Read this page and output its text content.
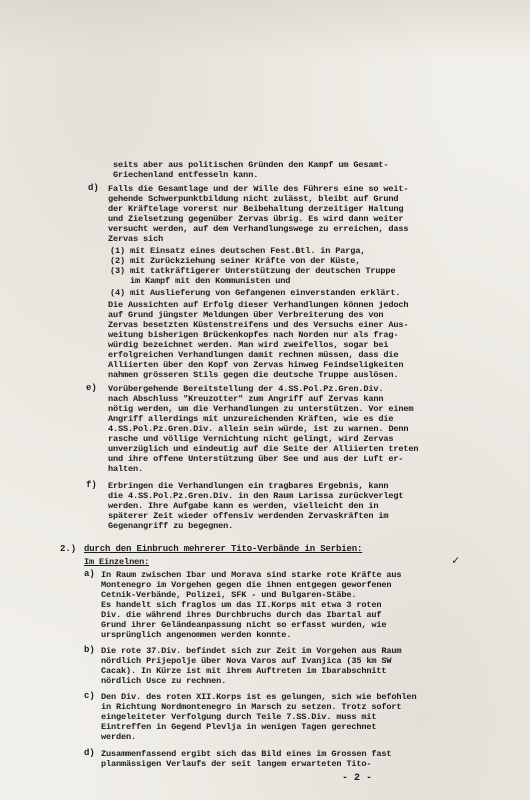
seits aber aus politischen Gründen den Kampf um Gesamt-
Griechenland entfesseln kann.
d) Falls die Gesamtlage und der Wille des Führers eine so weit-
gehende Schwerpunktbildung nicht zulässt, bleibt auf Grund
der Kräftelage vorerst nur Beibehaltung derzeitiger Haltung
und Zielsetzung gegenüber Zervas übrig. Es wird dann weiter
versucht werden, auf dem Verhandlungswege zu erreichen, dass
Zervas sich
(1) mit Einsatz eines deutschen Fest.Btl. in Parga,
(2) mit Zurückziehung seiner Kräfte von der Küste,
(3) mit tatkräftigerer Unterstützung der deutschen Truppe
im Kampf mit den Kommunisten und
(4) mit Auslieferung von Gefangenen einverstanden erklärt.
Die Aussichten auf Erfolg dieser Verhandlungen können jedoch
auf Grund jüngster Meldungen über Verbreiterung des von
Zervas besetzten Küstenstreifens und des Versuchs einer Aus-
weitung bisherigen Brückenkopfes nach Norden nur als frag-
würdig bezeichnet werden. Man wird zweifellos, sogar bei
erfolgreichen Verhandlungen damit rechnen müssen, dass die
Alliierten über den Kopf von Zervas hinweg Feindseligkeiten
nahmen grösseren Stils gegen die deutsche Truppe auslösen.
e) Vorübergehende Bereitstellung der 4.SS.Pol.Pz.Gren.Div.
nach Abschluss "Kreuzotter" zum Angriff auf Zervas kann
nötig werden, um die Verhandlungen zu unterstützen. Vor einem
Angriff allerdings mit unzureichenden Kräften, wie es die
4.SS.Pol.Pz.Gren.Div. allein sein würde, ist zu warnen. Denn
rasche und völlige Vernichtung nicht gelingt, wird Zervas
unverzüglich und eindeutig auf die Seite der Alliierten treten
und ihre offene Unterstützung über See und aus der Luft er-
halten.
f) Erbringen die Verhandlungen ein tragbares Ergebnis, kann
die 4.SS.Pol.Pz.Gren.Div. in den Raum Larissa zurückverlegt
werden. Ihre Aufgabe kann es werden, vielleicht den in
späterer Zeit wieder offensiv werdenden Zervaskräften im
Gegenangriff zu begegnen.
2.) durch den Einbruch mehrerer Tito-Verbände in Serbien:
Im Einzelnen:	✓
a) In Raum zwischen Ibar und Morava sind starke rote Kräfte aus
Montenegro im Vorgehen gegen die ihnen entgegen geworfenen
Cetnik-Verbände, Polizei, SFK - und Bulgaren-Stäbe.
Es handelt sich fraglos um das II.Korps mit etwa 3 roten
Div. die während ihres Durchbruchs durch das Ibartal auf
Grund ihrer Geländeanpassung nicht so erfasst wurden, wie
ursprünglich angenommen werden konnte.
b) Die rote 37.Div. befindet sich zur Zeit im Vorgehen aus Raum
nördlich Prijepolje über Nova Varos auf Ivanjica (35 km SW
Cacak). In Kürze ist mit ihrem Auftreten im Ibarabschnitt
nördlich Usce zu rechnen.
c) Den Div. des roten XII.Korps ist es gelungen, sich wie befohlen
in Richtung Nordmontenegro in Marsch zu setzen. Trotz sofort
eingeleiteter Verfolgung durch Teile 7.SS.Div. muss mit
Eintreffen in Gegend Plevlja in wenigen Tagen gerechnet
werden.
d) Zusammenfassend ergibt sich das Bild eines im Grossen fast
planmässigen Verlaufs der seit langem erwarteten Tito-
- 2 -
